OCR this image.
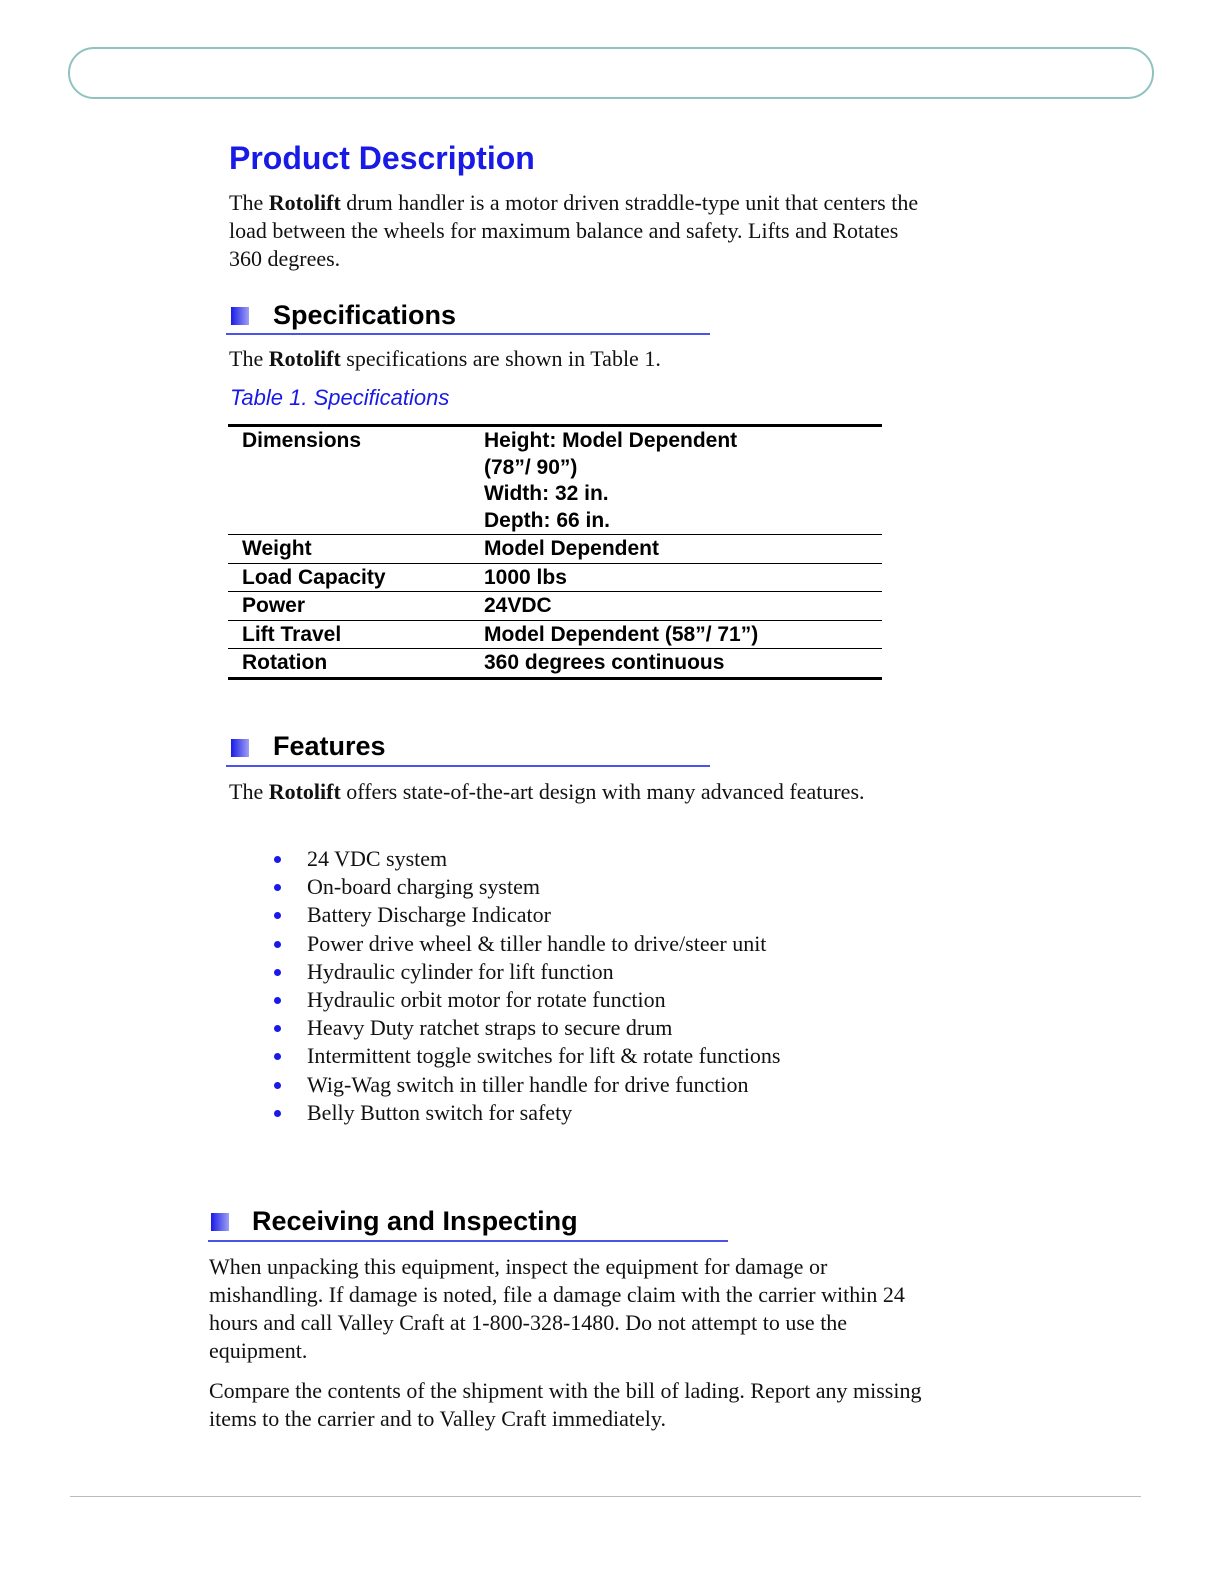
Product Description
The Rotolift drum handler is a motor driven straddle-type unit that centers the load between the wheels for maximum balance and safety. Lifts and Rotates 360 degrees.
Specifications
The Rotolift specifications are shown in Table 1.
Table 1. Specifications
Dimensions	Height: Model Dependent
(78”/ 90”)
Width: 32 in.
Depth: 66 in.

Weight	Model Dependent

Load Capacity	1000 lbs

Power	24VDC

Lift Travel	Model Dependent (58”/ 71”)

Rotation	360 degrees continuous
Features
The Rotolift offers state-of-the-art design with many advanced features.
24 VDC system
On-board charging system
Battery Discharge Indicator
Power drive wheel & tiller handle to drive/steer unit
Hydraulic cylinder for lift function
Hydraulic orbit motor for rotate function
Heavy Duty ratchet straps to secure drum
Intermittent toggle switches for lift & rotate functions
Wig-Wag switch in tiller handle for drive function
Belly Button switch for safety
Receiving and Inspecting
When unpacking this equipment, inspect the equipment for damage or mishandling. If damage is noted, file a damage claim with the carrier within 24 hours and call Valley Craft at 1-800-328-1480. Do not attempt to use the equipment.
Compare the contents of the shipment with the bill of lading. Report any missing items to the carrier and to Valley Craft immediately.
